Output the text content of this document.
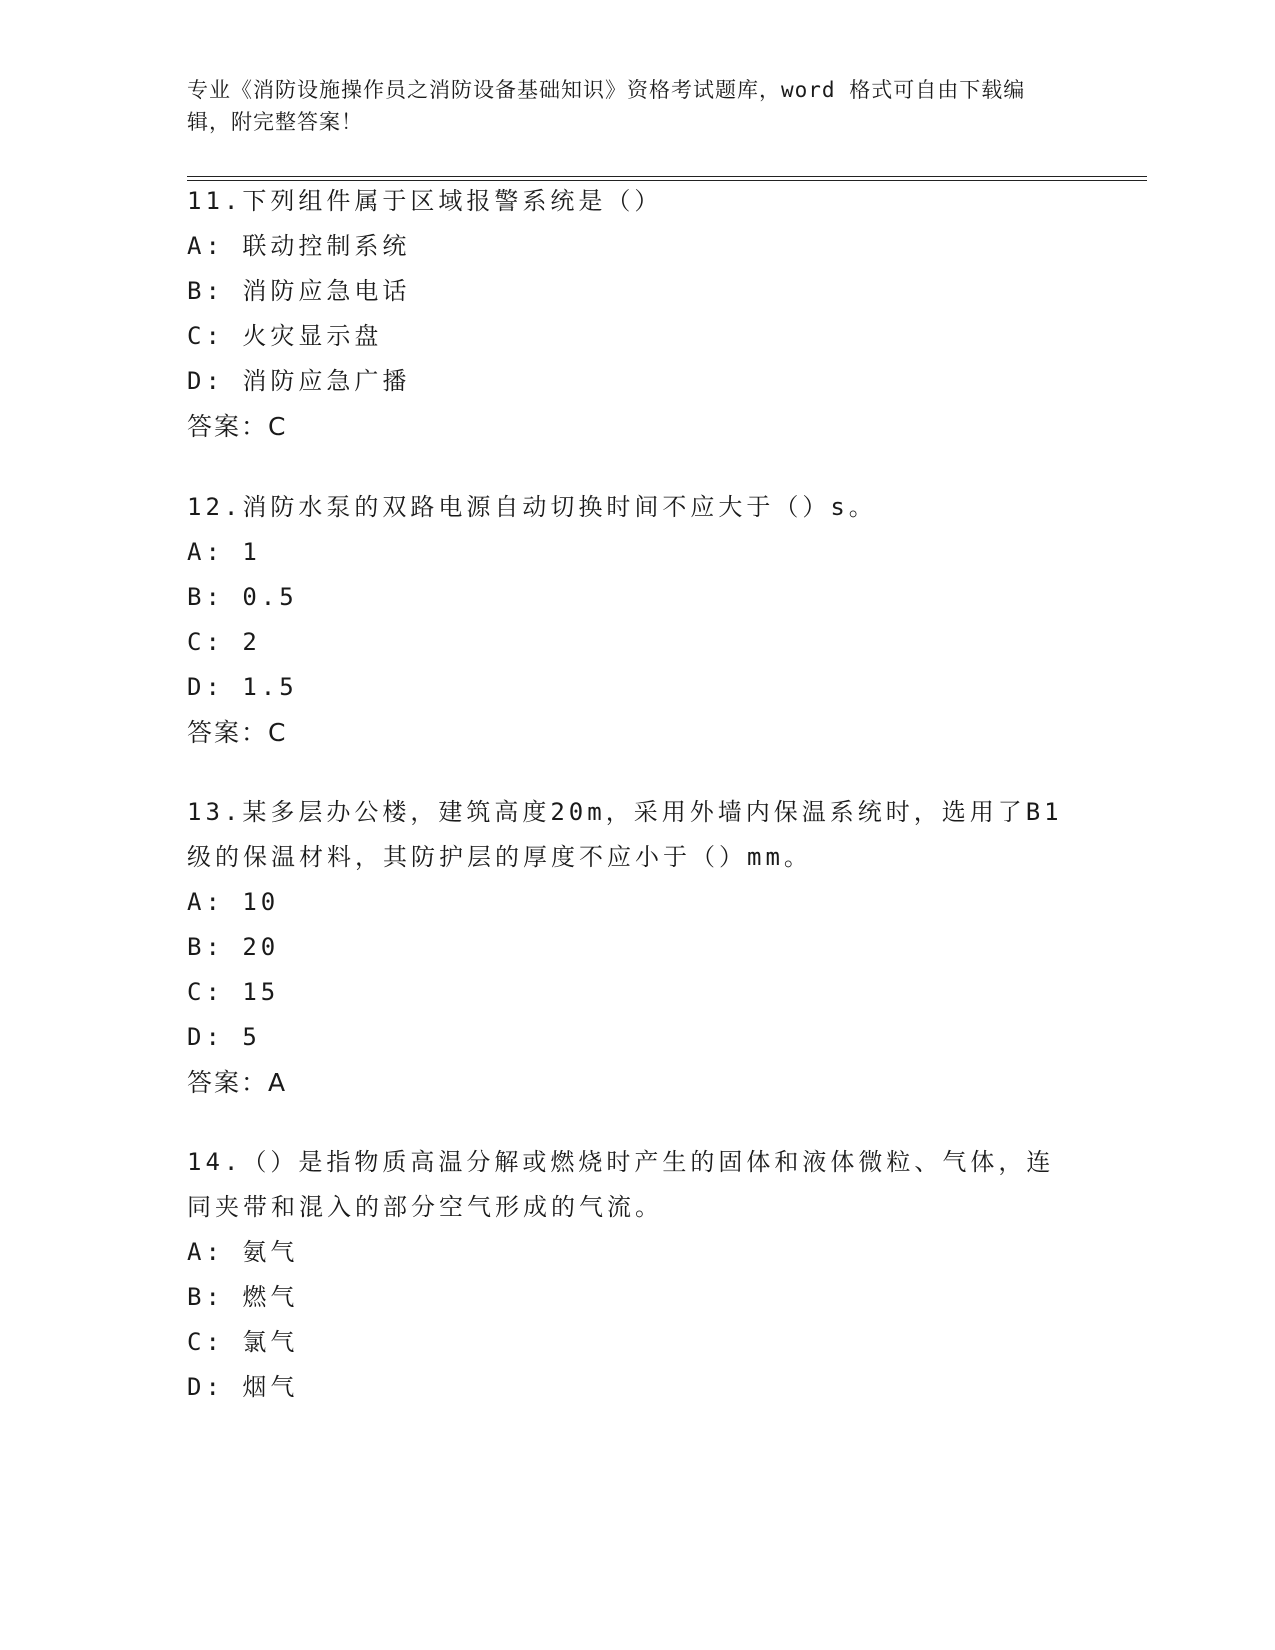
专业《消防设施操作员之消防设备基础知识》资格考试题库，word 格式可自由下载编辑，附完整答案！
11.下列组件属于区域报警系统是（）
A: 联动控制系统
B: 消防应急电话
C: 火灾显示盘
D: 消防应急广播
答案：C
12.消防水泵的双路电源自动切换时间不应大于（）s。
A: 1
B: 0.5
C: 2
D: 1.5
答案：C
13.某多层办公楼，建筑高度20m，采用外墙内保温系统时，选用了B1级的保温材料，其防护层的厚度不应小于（）mm。
A: 10
B: 20
C: 15
D: 5
答案：A
14.（）是指物质高温分解或燃烧时产生的固体和液体微粒、气体，连同夹带和混入的部分空气形成的气流。
A: 氨气
B: 燃气
C: 氯气
D: 烟气
